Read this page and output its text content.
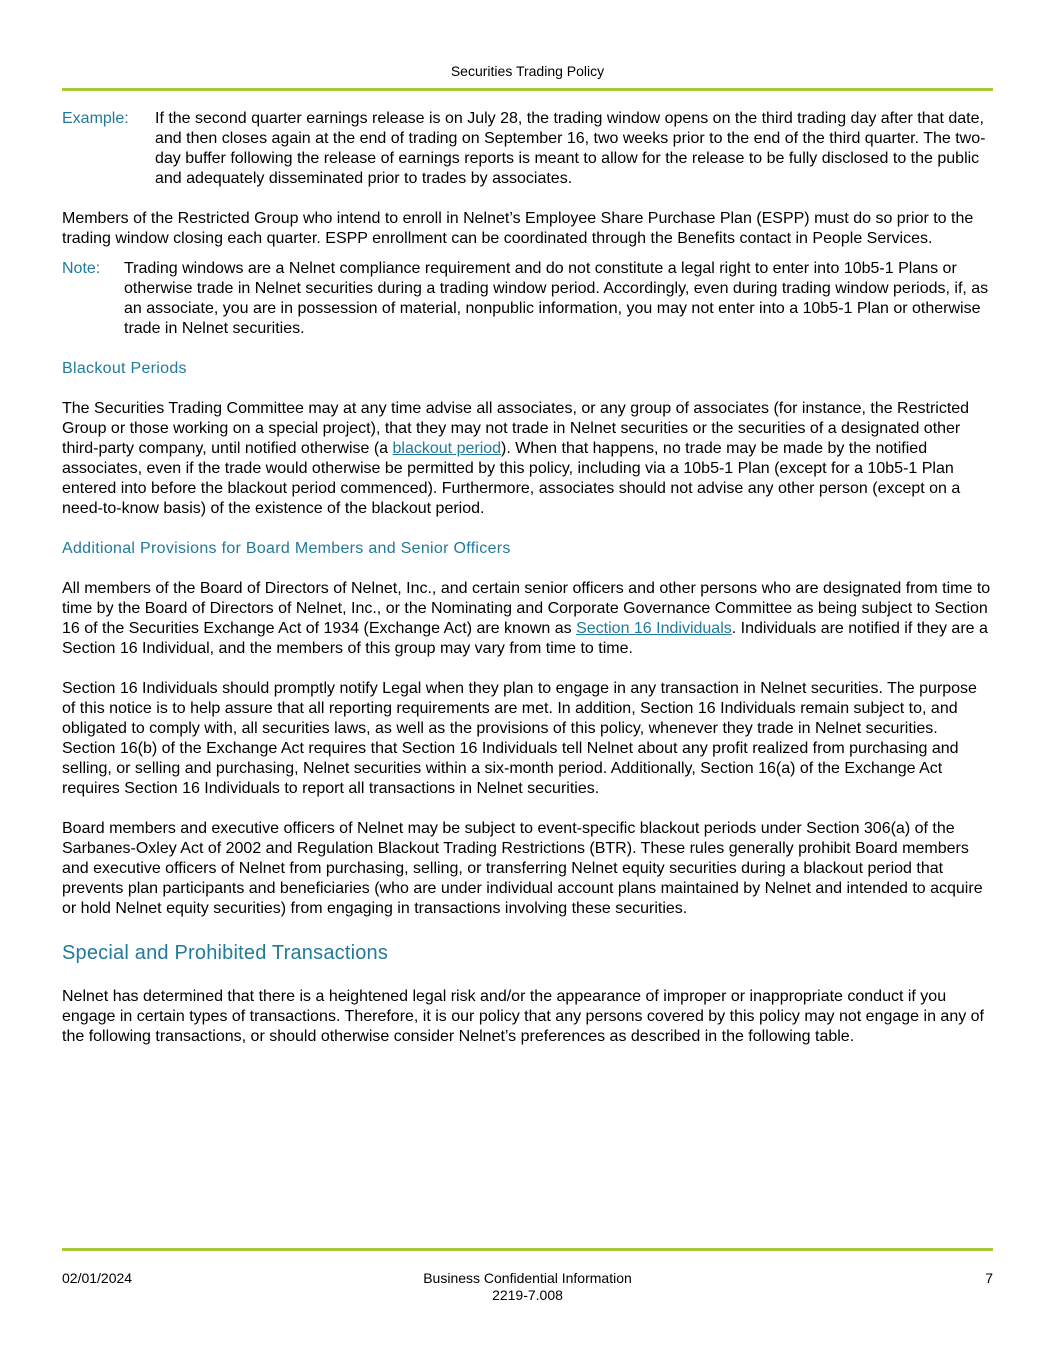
Securities Trading Policy
Example:	If the second quarter earnings release is on July 28, the trading window opens on the third trading day after that date, and then closes again at the end of trading on September 16, two weeks prior to the end of the third quarter. The two-day buffer following the release of earnings reports is meant to allow for the release to be fully disclosed to the public and adequately disseminated prior to trades by associates.

Members of the Restricted Group who intend to enroll in Nelnet’s Employee Share Purchase Plan (ESPP) must do so prior to the trading window closing each quarter. ESPP enrollment can be coordinated through the Benefits contact in People Services.

Note:	Trading windows are a Nelnet compliance requirement and do not constitute a legal right to enter into 10b5-1 Plans or otherwise trade in Nelnet securities during a trading window period. Accordingly, even during trading window periods, if, as an associate, you are in possession of material, nonpublic information, you may not enter into a 10b5-1 Plan or otherwise trade in Nelnet securities.
Blackout Periods

The Securities Trading Committee may at any time advise all associates, or any group of associates (for instance, the Restricted Group or those working on a special project), that they may not trade in Nelnet securities or the securities of a designated other third-party company, until notified otherwise (a blackout period). When that happens, no trade may be made by the notified associates, even if the trade would otherwise be permitted by this policy, including via a 10b5-1 Plan (except for a 10b5-1 Plan entered into before the blackout period commenced). Furthermore, associates should not advise any other person (except on a need-to-know basis) of the existence of the blackout period.

Additional Provisions for Board Members and Senior Officers

All members of the Board of Directors of Nelnet, Inc., and certain senior officers and other persons who are designated from time to time by the Board of Directors of Nelnet, Inc., or the Nominating and Corporate Governance Committee as being subject to Section 16 of the Securities Exchange Act of 1934 (Exchange Act) are known as Section 16 Individuals. Individuals are notified if they are a Section 16 Individual, and the members of this group may vary from time to time.

Section 16 Individuals should promptly notify Legal when they plan to engage in any transaction in Nelnet securities. The purpose of this notice is to help assure that all reporting requirements are met. In addition, Section 16 Individuals remain subject to, and obligated to comply with, all securities laws, as well as the provisions of this policy, whenever they trade in Nelnet securities. Section 16(b) of the Exchange Act requires that Section 16 Individuals tell Nelnet about any profit realized from purchasing and selling, or selling and purchasing, Nelnet securities within a six-month period. Additionally, Section 16(a) of the Exchange Act requires Section 16 Individuals to report all transactions in Nelnet securities.

Board members and executive officers of Nelnet may be subject to event-specific blackout periods under Section 306(a) of the Sarbanes-Oxley Act of 2002 and Regulation Blackout Trading Restrictions (BTR). These rules generally prohibit Board members and executive officers of Nelnet from purchasing, selling, or transferring Nelnet equity securities during a blackout period that prevents plan participants and beneficiaries (who are under individual account plans maintained by Nelnet and intended to acquire or hold Nelnet equity securities) from engaging in transactions involving these securities.

Special and Prohibited Transactions

Nelnet has determined that there is a heightened legal risk and/or the appearance of improper or inappropriate conduct if you engage in certain types of transactions. Therefore, it is our policy that any persons covered by this policy may not engage in any of the following transactions, or should otherwise consider Nelnet’s preferences as described in the following table.

02/01/2024	Business Confidential Information
2219-7.008
7
